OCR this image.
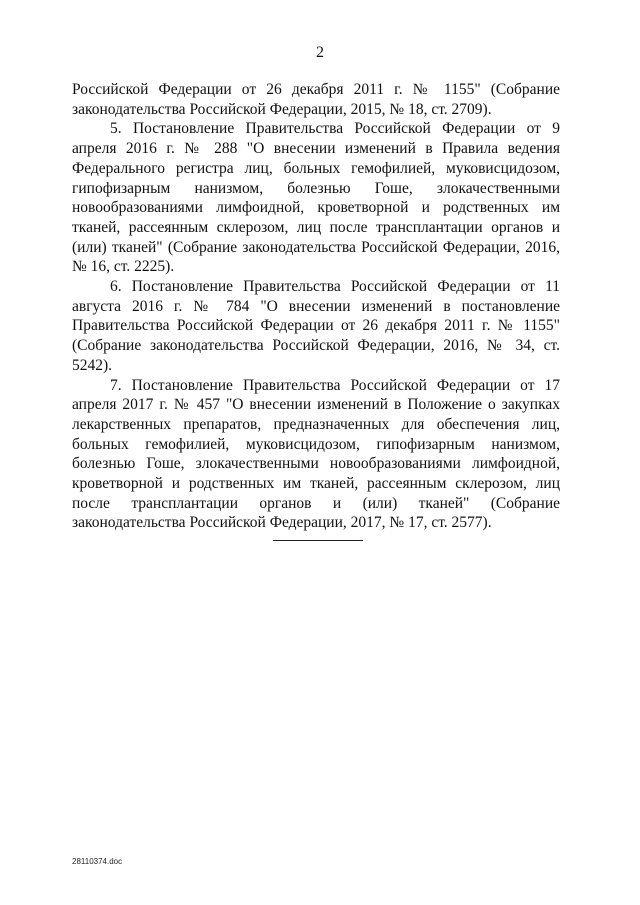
2

Российской Федерации от 26 декабря 2011 г. № 1155" (Собрание законодательства Российской Федерации, 2015, № 18, ст. 2709).

5. Постановление Правительства Российской Федерации от 9 апреля 2016 г. № 288 "О внесении изменений в Правила ведения Федерального регистра лиц, больных гемофилией, муковисцидозом, гипофизарным нанизмом, болезнью Гоше, злокачественными новообразованиями лимфоидной, кроветворной и родственных им тканей, рассеянным склерозом, лиц после трансплантации органов и (или) тканей" (Собрание законодательства Российской Федерации, 2016, № 16, ст. 2225).

6. Постановление Правительства Российской Федерации от 11 августа 2016 г. № 784 "О внесении изменений в постановление Правительства Российской Федерации от 26 декабря 2011 г. № 1155" (Собрание законодательства Российской Федерации, 2016, № 34, ст. 5242).

7. Постановление Правительства Российской Федерации от 17 апреля 2017 г. № 457 "О внесении изменений в Положение о закупках лекарственных препаратов, предназначенных для обеспечения лиц, больных гемофилией, муковисцидозом, гипофизарным нанизмом, болезнью Гоше, злокачественными новообразованиями лимфоидной, кроветворной и родственных им тканей, рассеянным склерозом, лиц после трансплантации органов и (или) тканей" (Собрание законодательства Российской Федерации, 2017, № 17, ст. 2577).

28110374.doc
